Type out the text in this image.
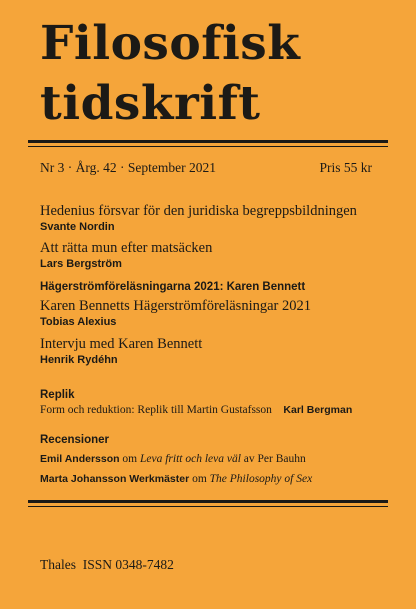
Filosofisk
tidskrift
Nr 3 · Årg. 42 · September 2021	Pris 55 kr
Hedenius försvar för den juridiska begreppsbildningen
Svante Nordin
Att rätta mun efter matsäcken
Lars Bergström
Hägerströmföreläsningarna 2021: Karen Bennett
Karen Bennetts Hägerströmföreläsningar 2021
Tobias Alexius
Intervju med Karen Bennett
Henrik Rydéhn
Replik
Form och reduktion: Replik till Martin Gustafsson Karl Bergman
Recensioner
Emil Andersson om Leva fritt och leva väl av Per Bauhn
Marta Johansson Werkmäster om The Philosophy of Sex
Thales  ISSN 0348-7482
